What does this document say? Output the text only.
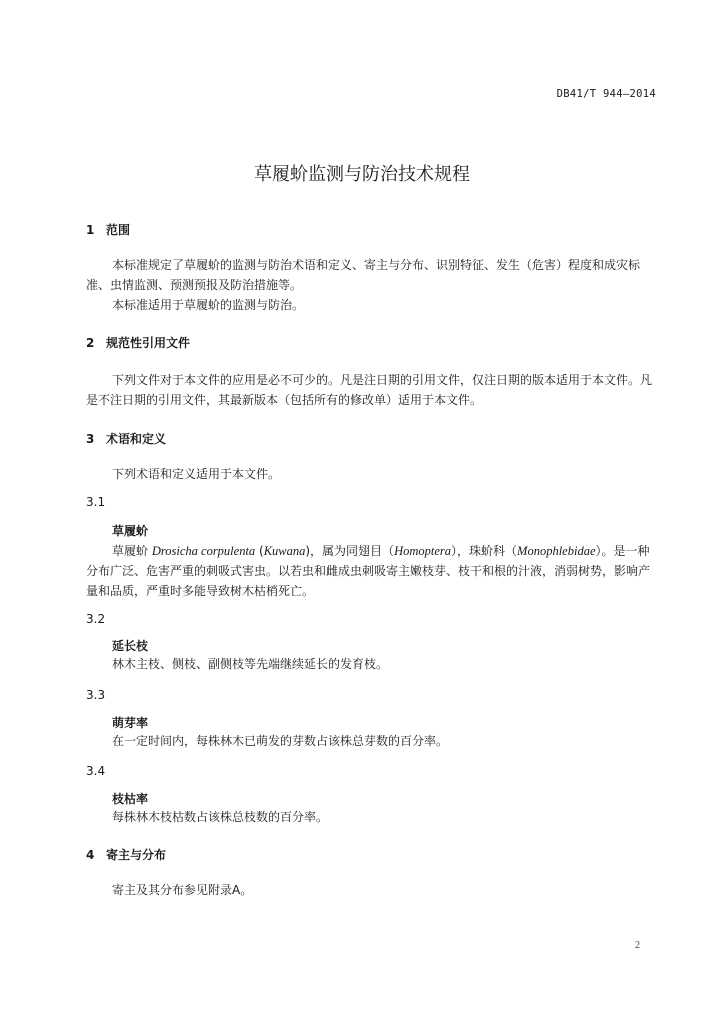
DB41/T 944—2014
草履蚧监测与防治技术规程
1 范围
本标准规定了草履蚧的监测与防治术语和定义、寄主与分布、识别特征、发生（危害）程度和成灾标准、虫情监测、预测预报及防治措施等。
本标准适用于草履蚧的监测与防治。
2 规范性引用文件
下列文件对于本文件的应用是必不可少的。凡是注日期的引用文件，仅注日期的版本适用于本文件。凡是不注日期的引用文件，其最新版本（包括所有的修改单）适用于本文件。
3 术语和定义
下列术语和定义适用于本文件。
3.1
草履蚧
草履蚧 Drosicha corpulenta (Kuwana)，属为同翅目（Homoptera），珠蚧科（Monophlebidae）。是一种分布广泛、危害严重的刺吸式害虫。以若虫和雌成虫刺吸寄主嫩枝芽、枝干和根的汁液，消弱树势，影响产量和品质，严重时多能导致树木枯梢死亡。
3.2
延长枝
林木主枝、侧枝、副侧枝等先端继续延长的发育枝。
3.3
萌芽率
在一定时间内，每株林木已萌发的芽数占该株总芽数的百分率。
3.4
枝枯率
每株林木枝枯数占该株总枝数的百分率。
4 寄主与分布
寄主及其分布参见附录A。
2
